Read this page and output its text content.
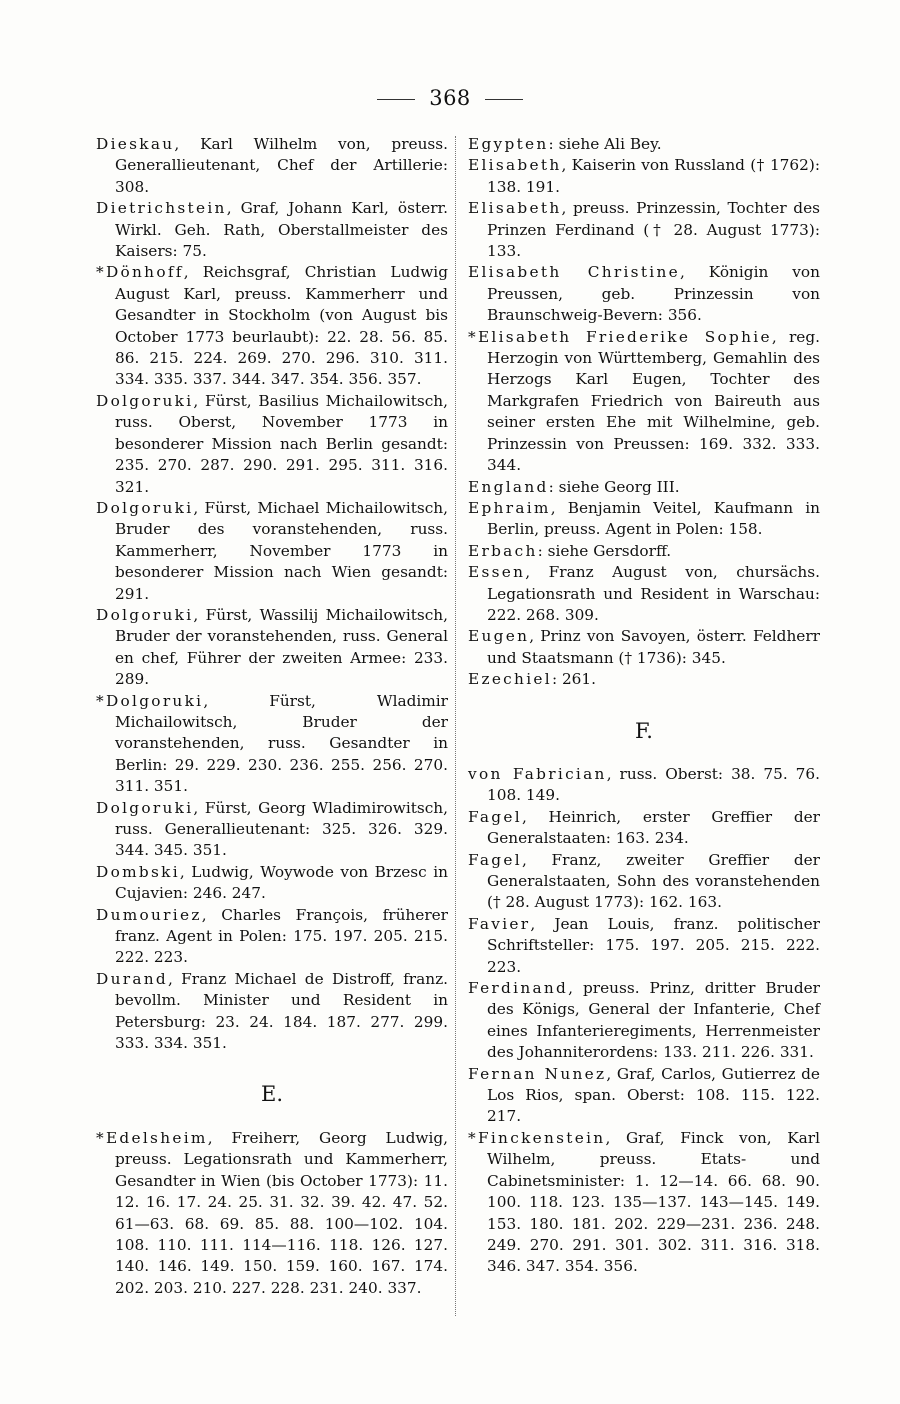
368

Dieskau, Karl Wilhelm von, preuss. Generallieutenant, Chef der Artillerie: 308.

Dietrichstein, Graf, Johann Karl, österr. Wirkl. Geh. Rath, Oberstallmeister des Kaisers: 75.

*Dönhoff, Reichsgraf, Christian Ludwig August Karl, preuss. Kammerherr und Gesandter in Stockholm (von August bis October 1773 beurlaubt): 22. 28. 56. 85. 86. 215. 224. 269. 270. 296. 310. 311. 334. 335. 337. 344. 347. 354. 356. 357.

Dolgoruki, Fürst, Basilius Michailowitsch, russ. Oberst, November 1773 in besonderer Mission nach Berlin gesandt: 235. 270. 287. 290. 291. 295. 311. 316. 321.

Dolgoruki, Fürst, Michael Michailowitsch, Bruder des voranstehenden, russ. Kammerherr, November 1773 in besonderer Mission nach Wien gesandt: 291.

Dolgoruki, Fürst, Wassilij Michailowitsch, Bruder der voranstehenden, russ. General en chef, Führer der zweiten Armee: 233. 289.

*Dolgoruki, Fürst, Wladimir Michailowitsch, Bruder der voranstehenden, russ. Gesandter in Berlin: 29. 229. 230. 236. 255. 256. 270. 311. 351.

Dolgoruki, Fürst, Georg Wladimirowitsch, russ. Generallieutenant: 325. 326. 329. 344. 345. 351.

Dombski, Ludwig, Woywode von Brzesc in Cujavien: 246. 247.

Dumouriez, Charles François, früherer franz. Agent in Polen: 175. 197. 205. 215. 222. 223.

Durand, Franz Michael de Distroff, franz. bevollm. Minister und Resident in Petersburg: 23. 24. 184. 187. 277. 299. 333. 334. 351.

E.

*Edelsheim, Freiherr, Georg Ludwig, preuss. Legationsrath und Kammerherr, Gesandter in Wien (bis October 1773): 11. 12. 16. 17. 24. 25. 31. 32. 39. 42. 47. 52. 61—63. 68. 69. 85. 88. 100—102. 104. 108. 110. 111. 114—116. 118. 126. 127. 140. 146. 149. 150. 159. 160. 167. 174. 202. 203. 210. 227. 228. 231. 240. 337.

Egypten: siehe Ali Bey.

Elisabeth, Kaiserin von Russland († 1762): 138. 191.

Elisabeth, preuss. Prinzessin, Tochter des Prinzen Ferdinand († 28. August 1773): 133.

Elisabeth Christine, Königin von Preussen, geb. Prinzessin von Braunschweig-Bevern: 356.

*Elisabeth Friederike Sophie, reg. Herzogin von Württemberg, Gemahlin des Herzogs Karl Eugen, Tochter des Markgrafen Friedrich von Baireuth aus seiner ersten Ehe mit Wilhelmine, geb. Prinzessin von Preussen: 169. 332. 333. 344.

England: siehe Georg III.

Ephraim, Benjamin Veitel, Kaufmann in Berlin, preuss. Agent in Polen: 158.

Erbach: siehe Gersdorff.

Essen, Franz August von, chursächs. Legationsrath und Resident in Warschau: 222. 268. 309.

Eugen, Prinz von Savoyen, österr. Feldherr und Staatsmann († 1736): 345.

Ezechiel: 261.

F.

von Fabrician, russ. Oberst: 38. 75. 76. 108. 149.

Fagel, Heinrich, erster Greffier der Generalstaaten: 163. 234.

Fagel, Franz, zweiter Greffier der Generalstaaten, Sohn des voranstehenden († 28. August 1773): 162. 163.

Favier, Jean Louis, franz. politischer Schriftsteller: 175. 197. 205. 215. 222. 223.

Ferdinand, preuss. Prinz, dritter Bruder des Königs, General der Infanterie, Chef eines Infanterieregiments, Herrenmeister des Johanniterordens: 133. 211. 226. 331.

Fernan Nunez, Graf, Carlos, Gutierrez de Los Rios, span. Oberst: 108. 115. 122. 217.

*Finckenstein, Graf, Finck von, Karl Wilhelm, preuss. Etats- und Cabinetsminister: 1. 12—14. 66. 68. 90. 100. 118. 123. 135—137. 143—145. 149. 153. 180. 181. 202. 229—231. 236. 248. 249. 270. 291. 301. 302. 311. 316. 318. 346. 347. 354. 356.
